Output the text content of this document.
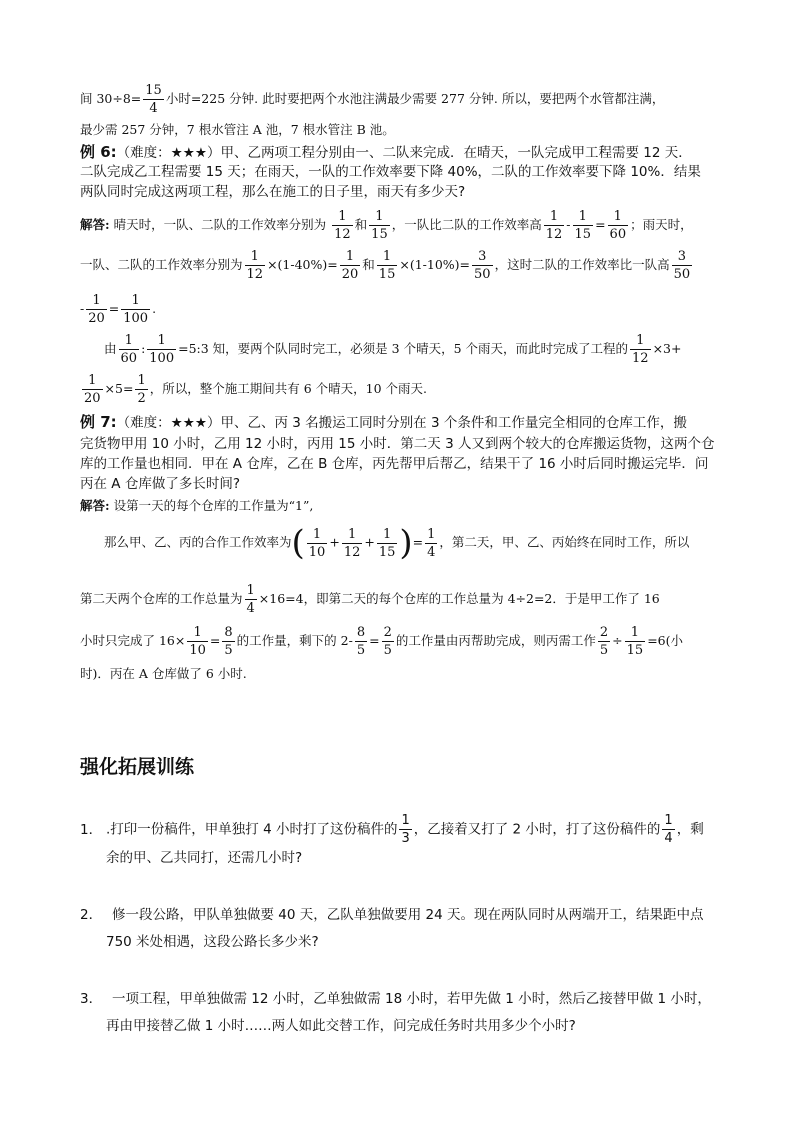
间 $30\div 8= \frac{15}{4}$ 小时=225 分钟. 此时要把两个水池注满最少需要 277 分钟. 所以，要把两个水管都注满，
最少需 257 分钟，7 根水管注 A 池，7 根水管注 B 池。
例 6:（难度：★★★）甲、乙两项工程分别由一、二队来完成．在晴天，一队完成甲工程需要 12 天．
二队完成乙工程需要 15 天；在雨天，一队的工作效率要下降 40%，二队的工作效率要下降 10%．结果
两队同时完成这两项工程，那么在施工的日子里，雨天有多少天?
解答: 晴天时，一队、二队的工作效率分别为 $\frac{1}{12}$ 和 $\frac{1}{15}$ ，一队比二队的工作效率高 $\frac{1}{12} - \frac{1}{15} = \frac{1}{60}$ ；雨天时，
一队、二队的工作效率分别为 $\frac{1}{12} \times(1-40\%)= \frac{1}{20}$ 和 $\frac{1}{15} \times(1-10\%)= \frac{3}{50}$ ，这时二队的工作效率比一队高 $\frac{3}{50}$
- $\frac{1}{20} = \frac{1}{100}$ .
由 $\frac{1}{60}$ : $\frac{1}{100}$ =5:3 知，要两个队同时完工，必须是 3 个晴天，5 个雨天，而此时完成了工程的 $\frac{1}{12} \times 3+$
$\frac{1}{20} \times 5= \frac{1}{2}$ ，所以，整个施工期间共有 6 个晴天，10 个雨天.
例 7:（难度：★★★）甲、乙、丙 3 名搬运工同时分别在 3 个条件和工作量完全相同的仓库工作，搬
完货物甲用 10 小时，乙用 12 小时，丙用 15 小时．第二天 3 人又到两个较大的仓库搬运货物，这两个仓
库的工作量也相同．甲在 A 仓库，乙在 B 仓库，丙先帮甲后帮乙，结果干了 16 小时后同时搬运完毕．问
丙在 A 仓库做了多长时间?
解答: 设第一天的每个仓库的工作量为“1”,
那么甲、乙、丙的合作工作效率为( $\frac{1}{10} + \frac{1}{12} + \frac{1}{15}$ )= $\frac{1}{4}$ ，第二天，甲、乙、丙始终在同时工作，所以
第二天两个仓库的工作总量为 $\frac{1}{4} \times 16=4$，即第二天的每个仓库的工作总量为 4÷2=2．于是甲工作了 16
小时只完成了 $16\times \frac{1}{10} = \frac{8}{5}$ 的工作量，剩下的 $2- \frac{8}{5} = \frac{2}{5}$ 的工作量由丙帮助完成，则丙需工作 $\frac{2}{5} \div \frac{1}{15} =6$(小
时)．丙在 A 仓库做了 6 小时.
强化拓展训练
1． .打印一份稿件，甲单独打 4 小时打了这份稿件的 $\frac{1}{3}$ ，乙接着又打了 2 小时，打了这份稿件的 $\frac{1}{4}$ ，剩
余的甲、乙共同打，还需几小时?
2． 修一段公路，甲队单独做要 40 天，乙队单独做要用 24 天。现在两队同时从两端开工，结果距中点
750 米处相遇，这段公路长多少米?
3． 一项工程，甲单独做需 12 小时，乙单独做需 18 小时，若甲先做 1 小时，然后乙接替甲做 1 小时，
再由甲接替乙做 1 小时……两人如此交替工作，问完成任务时共用多少个小时?
